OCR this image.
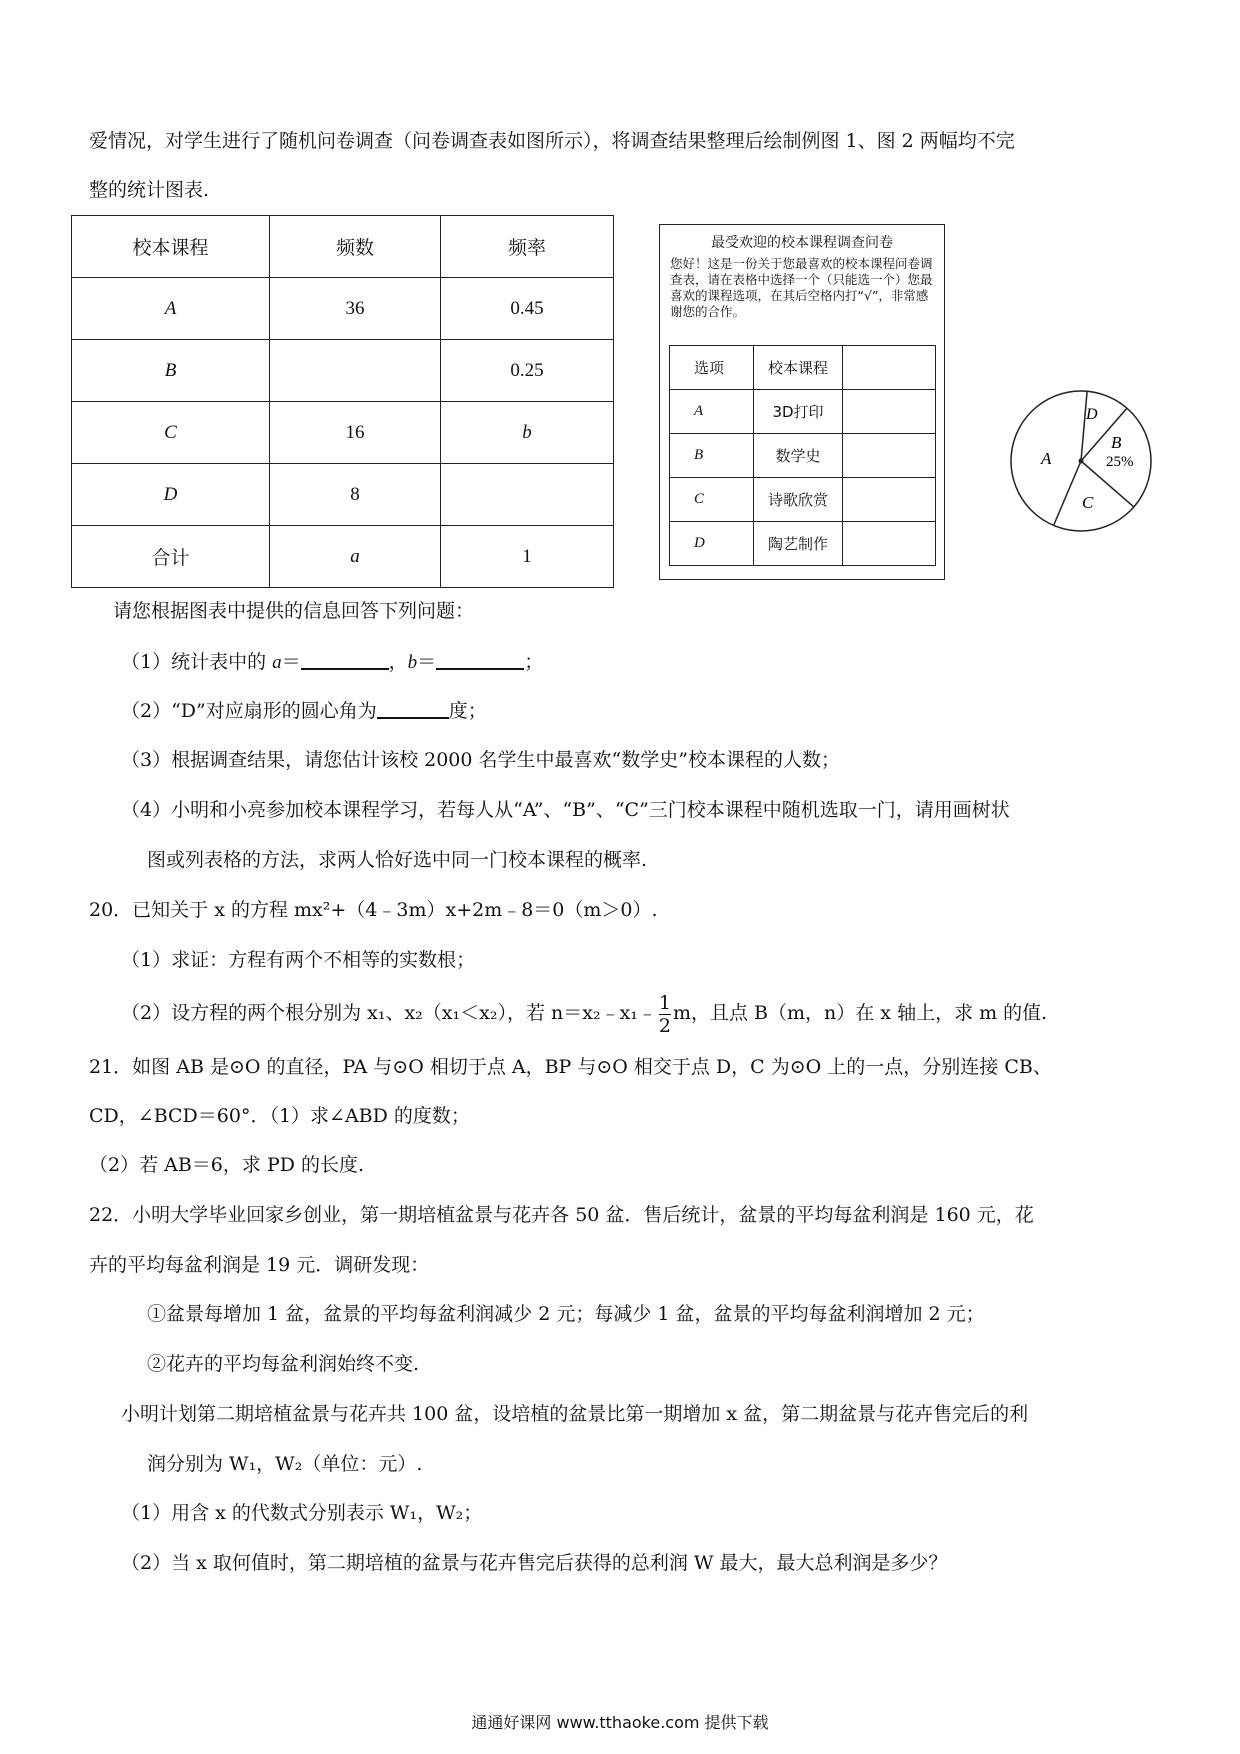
爱情况，对学生进行了随机问卷调查（问卷调查表如图所示），将调查结果整理后绘制例图 1、图 2 两幅均不完
整的统计图表.
校本课程	频数	频率
A	36	0.45
B		0.25
C	16	b
D	8	
合计	a	1
最受欢迎的校本课程调查问卷
您好！这是一份关于您最喜欢的校本课程问卷调查表，请在表格中选择一个（只能选一个）您最喜欢的课程选项，在其后空格内打“√”，非常感谢您的合作。
选项	校本课程	
A	3D打印	
B	数学史	
C	诗歌欣赏	
D	陶艺制作	
A
B
25%
C
D
请您根据图表中提供的信息回答下列问题：
（1）统计表中的 a＝	，b＝	；
（2）“D”对应扇形的圆心角为	度；
（3）根据调查结果，请您估计该校 2000 名学生中最喜欢“数学史”校本课程的人数；
（4）小明和小亮参加校本课程学习，若每人从“A”、“B”、“C”三门校本课程中随机选取一门，请用画树状
图或列表格的方法，求两人恰好选中同一门校本课程的概率.
20．已知关于 x 的方程 mx²+（4﹣3m）x+2m﹣8＝0（m＞0）.
（1）求证：方程有两个不相等的实数根；
（2）设方程的两个根分别为 x₁、x₂（x₁＜x₂），若 n＝x₂﹣x₁﹣ $\frac{1}{2}$ m，且点 B（m，n）在 x 轴上，求 m 的值.
21．如图 AB 是⊙O 的直径，PA 与⊙O 相切于点 A，BP 与⊙O 相交于点 D，C 为⊙O 上的一点，分别连接 CB、
CD，∠BCD＝60°．（1）求∠ABD 的度数；
（2）若 AB＝6，求 PD 的长度.
22．小明大学毕业回家乡创业，第一期培植盆景与花卉各 50 盆．售后统计，盆景的平均每盆利润是 160 元，花
卉的平均每盆利润是 19 元．调研发现：
①盆景每增加 1 盆，盆景的平均每盆利润减少 2 元；每减少 1 盆，盆景的平均每盆利润增加 2 元；
②花卉的平均每盆利润始终不变.
小明计划第二期培植盆景与花卉共 100 盆，设培植的盆景比第一期增加 x 盆，第二期盆景与花卉售完后的利
润分别为 W₁，W₂（单位：元）.
（1）用含 x 的代数式分别表示 W₁，W₂；
（2）当 x 取何值时，第二期培植的盆景与花卉售完后获得的总利润 W 最大，最大总利润是多少？
通通好课网 www.tthaoke.com 提供下载
